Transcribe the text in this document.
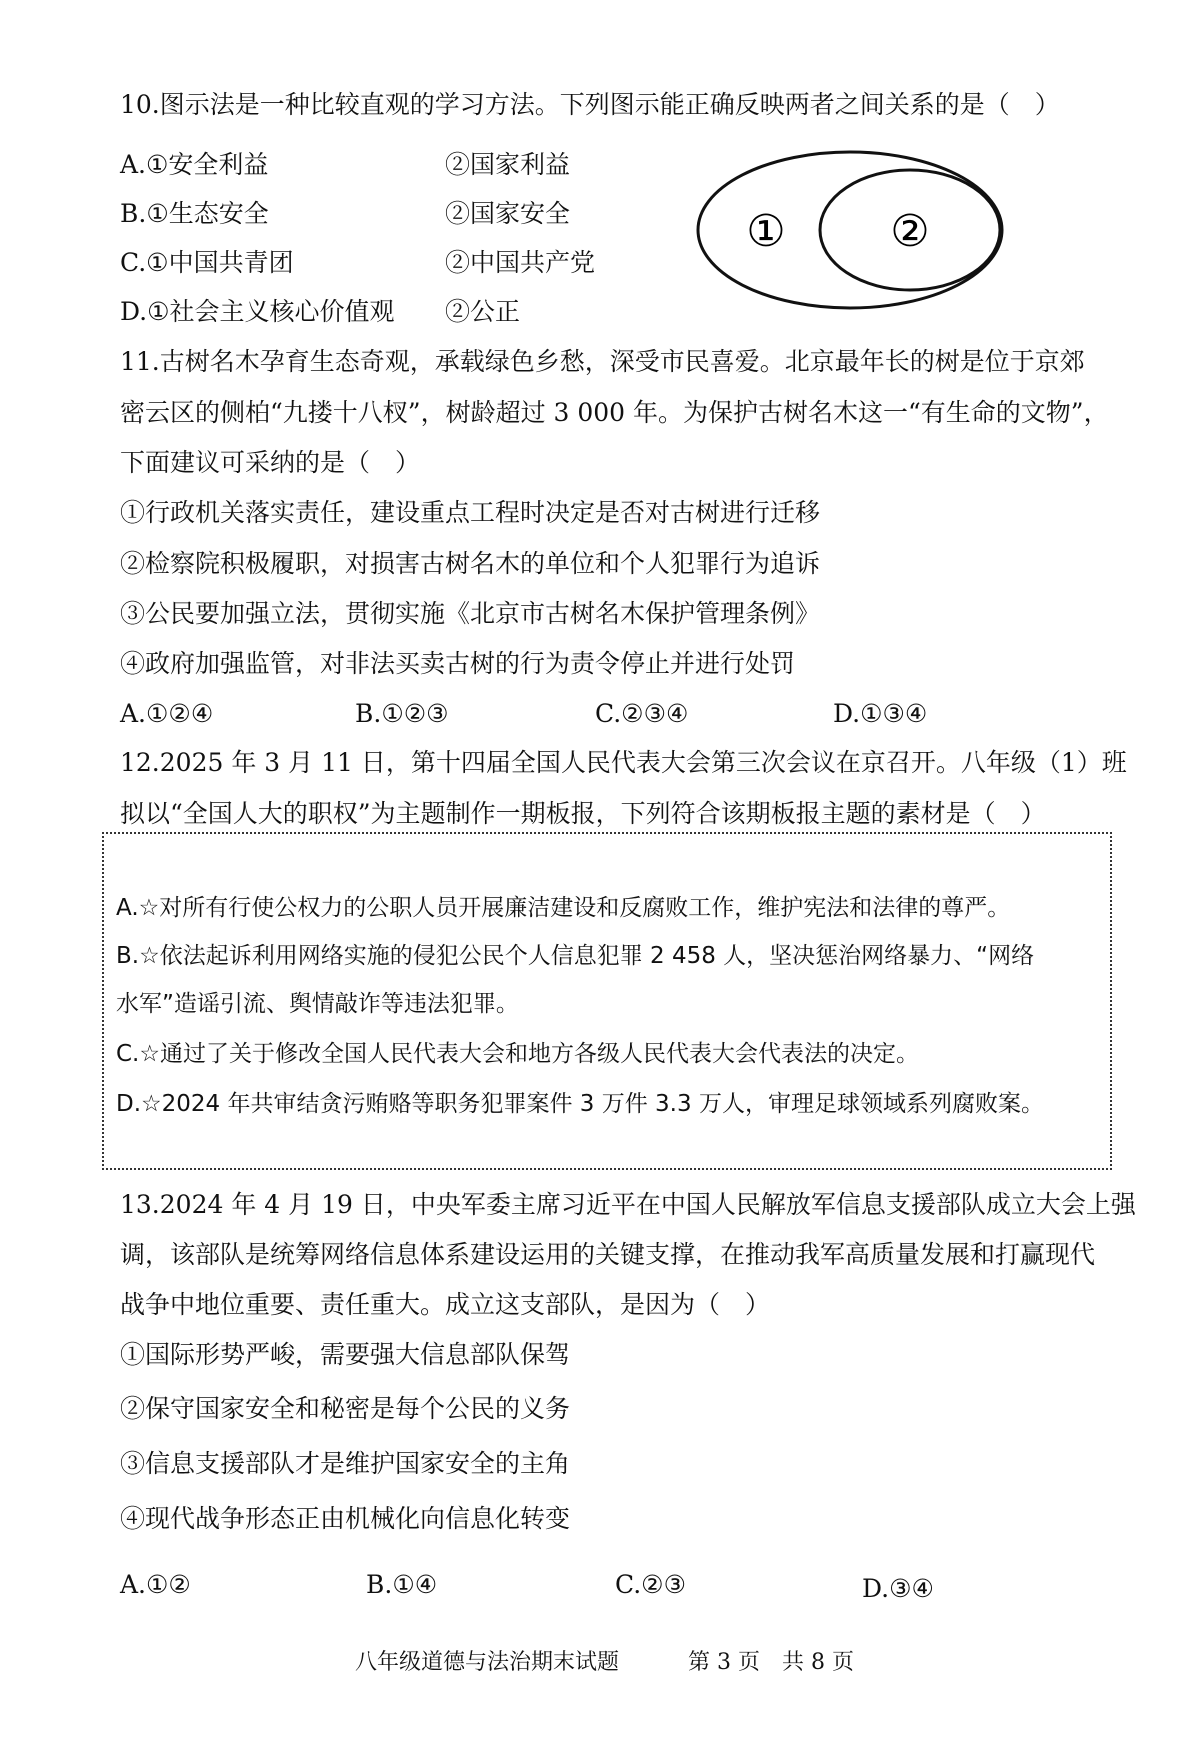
10.图示法是一种比较直观的学习方法。下列图示能正确反映两者之间关系的是（　）
A.①安全利益	②国家利益
B.①生态安全	②国家安全
C.①中国共青团	②中国共产党
D.①社会主义核心价值观 ②公正
① ②
11.古树名木孕育生态奇观，承载绿色乡愁，深受市民喜爱。北京最年长的树是位于京郊
密云区的侧柏“九搂十八杈”，树龄超过 3 000 年。为保护古树名木这一“有生命的文物”，
下面建议可采纳的是（　）
①行政机关落实责任，建设重点工程时决定是否对古树进行迁移
②检察院积极履职，对损害古树名木的单位和个人犯罪行为追诉
③公民要加强立法，贯彻实施《北京市古树名木保护管理条例》
④政府加强监管，对非法买卖古树的行为责令停止并进行处罚
A.①②④	B.①②③	C.②③④	D.①③④
12.2025 年 3 月 11 日，第十四届全国人民代表大会第三次会议在京召开。八年级（1）班
拟以“全国人大的职权”为主题制作一期板报，下列符合该期板报主题的素材是（　）
A.☆对所有行使公权力的公职人员开展廉洁建设和反腐败工作，维护宪法和法律的尊严。
B.☆依法起诉利用网络实施的侵犯公民个人信息犯罪 2 458 人，坚决惩治网络暴力、“网络
水军”造谣引流、舆情敲诈等违法犯罪。
C.☆通过了关于修改全国人民代表大会和地方各级人民代表大会代表法的决定。
D.☆2024 年共审结贪污贿赂等职务犯罪案件 3 万件 3.3 万人，审理足球领域系列腐败案。
13.2024 年 4 月 19 日，中央军委主席习近平在中国人民解放军信息支援部队成立大会上强
调，该部队是统筹网络信息体系建设运用的关键支撑，在推动我军高质量发展和打赢现代
战争中地位重要、责任重大。成立这支部队，是因为（　）
①国际形势严峻，需要强大信息部队保驾
②保守国家安全和秘密是每个公民的义务
③信息支援部队才是维护国家安全的主角
④现代战争形态正由机械化向信息化转变
A.①②	B.①④	C.②③	D.③④
八年级道德与法治期末试题	第 3 页　共 8 页
